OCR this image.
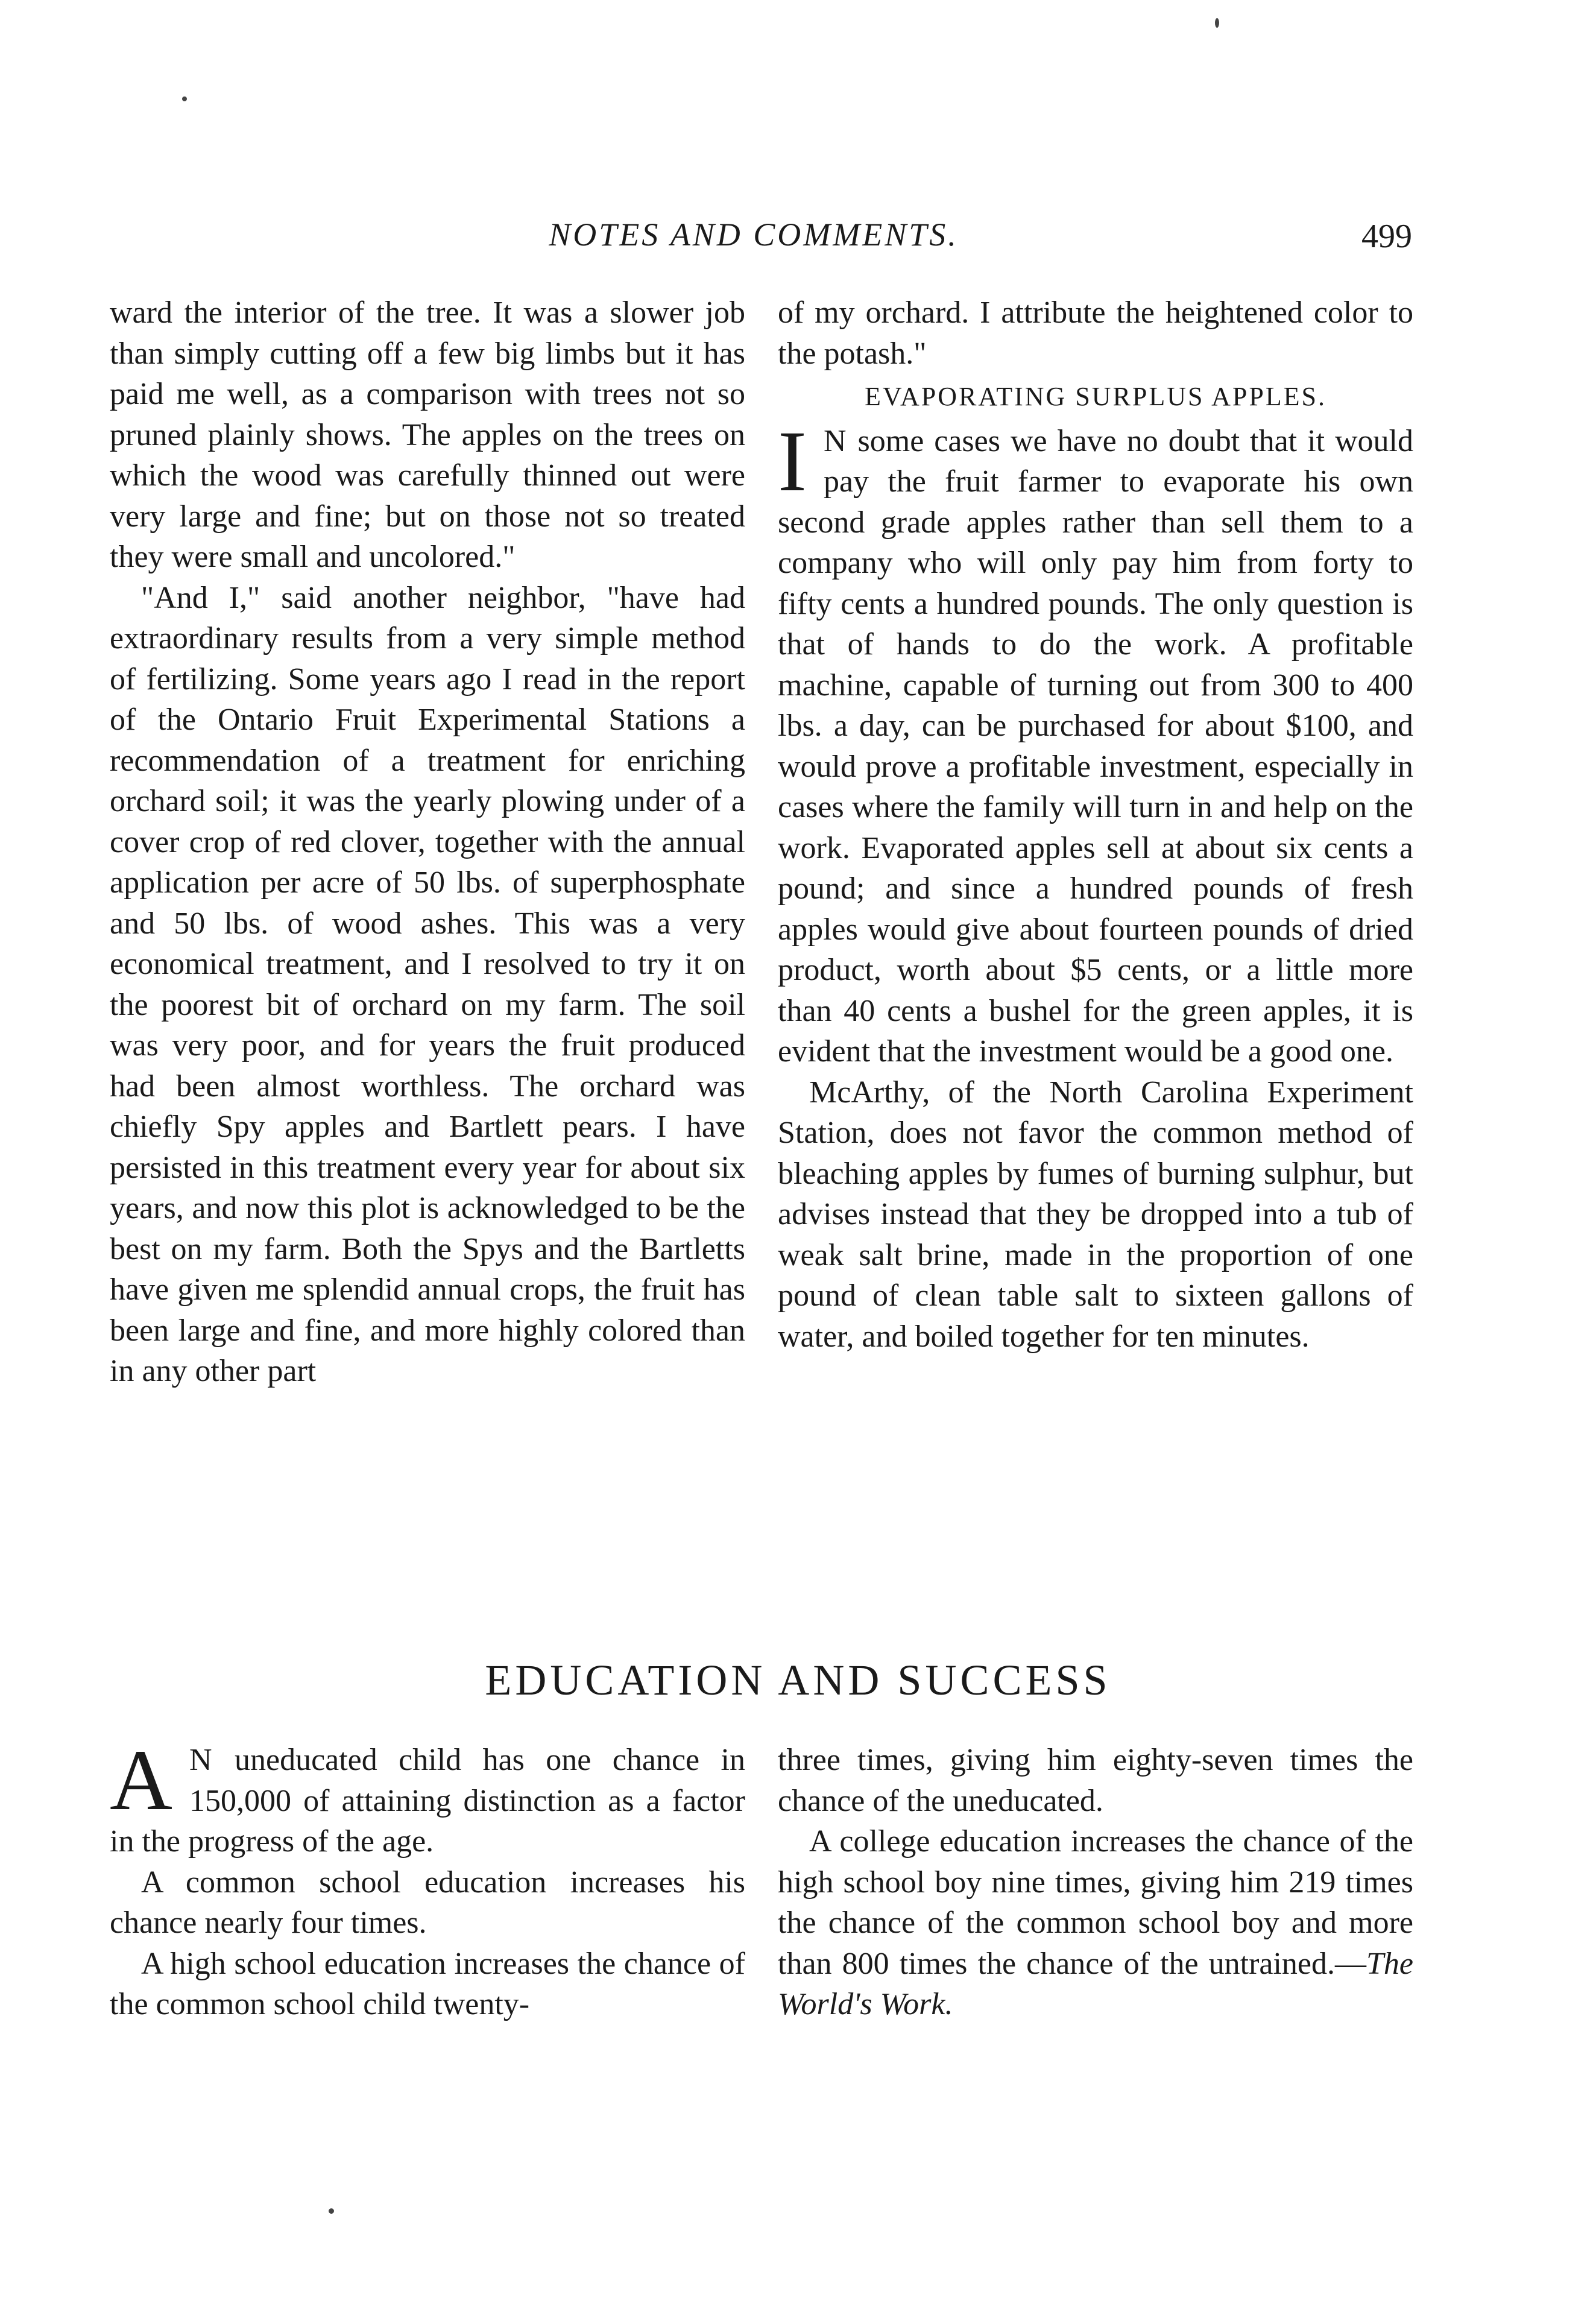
NOTES AND COMMENTS.	499

ward the interior of the tree. It was a slower job than simply cutting off a few big limbs but it has paid me well, as a comparison with trees not so pruned plainly shows. The apples on the trees on which the wood was carefully thinned out were very large and fine; but on those not so treated they were small and uncolored."

"And I," said another neighbor, "have had extraordinary results from a very simple method of fertilizing. Some years ago I read in the report of the Ontario Fruit Experimental Stations a recommendation of a treatment for enriching orchard soil; it was the yearly plowing under of a cover crop of red clover, together with the annual application per acre of 50 lbs. of superphosphate and 50 lbs. of wood ashes. This was a very economical treatment, and I resolved to try it on the poorest bit of orchard on my farm. The soil was very poor, and for years the fruit produced had been almost worthless. The orchard was chiefly Spy apples and Bartlett pears. I have persisted in this treatment every year for about six years, and now this plot is acknowledged to be the best on my farm. Both the Spys and the Bartletts have given me splendid annual crops, the fruit has been large and fine, and more highly colored than in any other part

of my orchard. I attribute the heightened color to the potash."

EVAPORATING SURPLUS APPLES.

I N some cases we have no doubt that it would pay the fruit farmer to evaporate his own second grade apples rather than sell them to a company who will only pay him from forty to fifty cents a hundred pounds. The only question is that of hands to do the work. A profitable machine, capable of turning out from 300 to 400 lbs. a day, can be purchased for about $100, and would prove a profitable investment, especially in cases where the family will turn in and help on the work. Evaporated apples sell at about six cents a pound; and since a hundred pounds of fresh apples would give about fourteen pounds of dried product, worth about $5 cents, or a little more than 40 cents a bushel for the green apples, it is evident that the investment would be a good one.

McArthy, of the North Carolina Experiment Station, does not favor the common method of bleaching apples by fumes of burning sulphur, but advises instead that they be dropped into a tub of weak salt brine, made in the proportion of one pound of clean table salt to sixteen gallons of water, and boiled together for ten minutes.

EDUCATION AND SUCCESS

A N uneducated child has one chance in 150,000 of attaining distinction as a factor in the progress of the age.

A common school education increases his chance nearly four times.

A high school education increases the chance of the common school child twenty-

three times, giving him eighty-seven times the chance of the uneducated.

A college education increases the chance of the high school boy nine times, giving him 219 times the chance of the common school boy and more than 800 times the chance of the untrained.—The World's Work.
